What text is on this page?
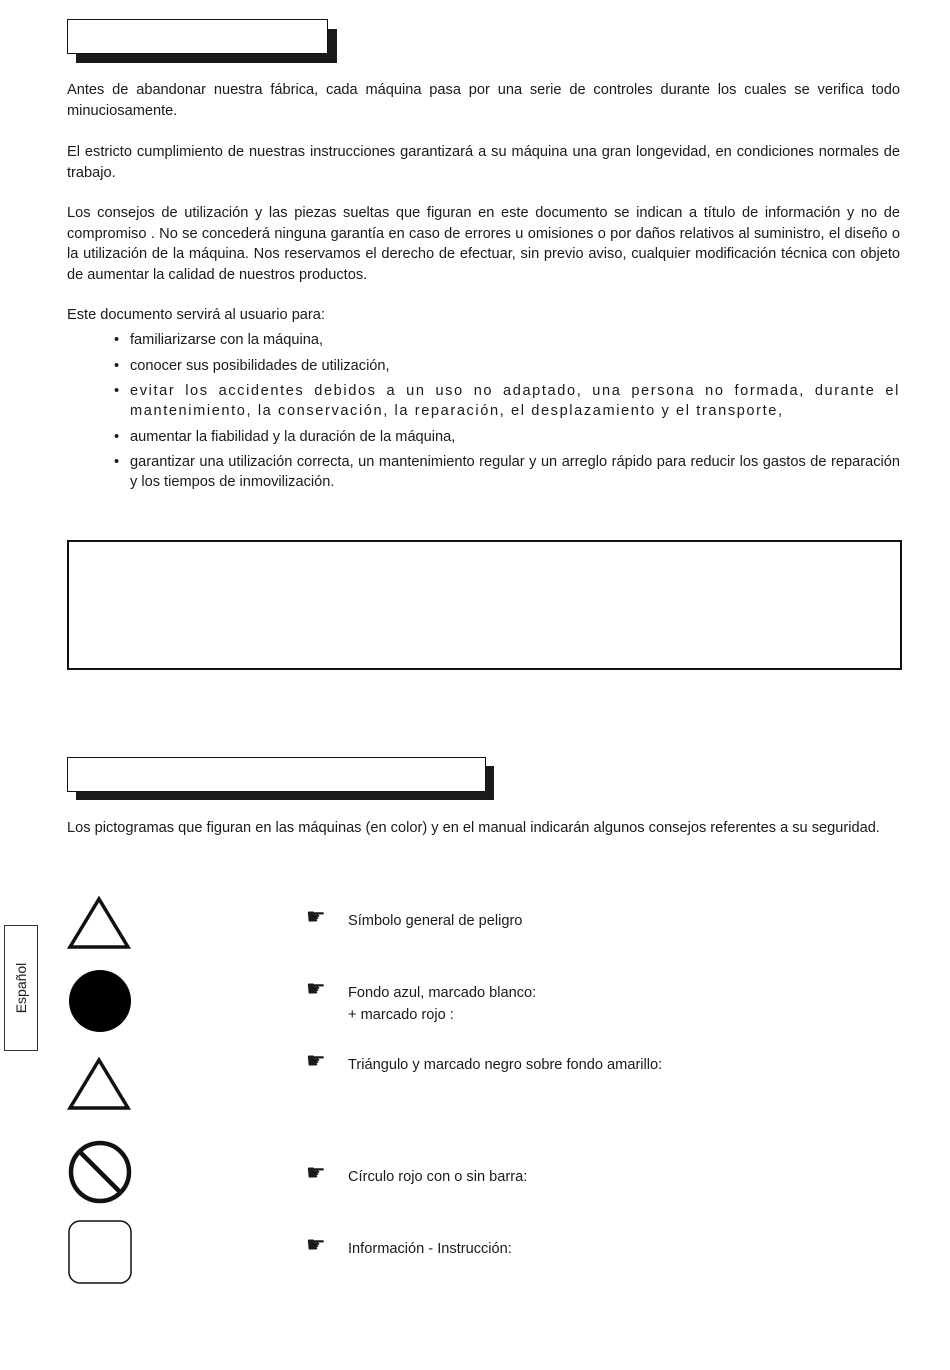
Antes de abandonar nuestra fábrica, cada máquina pasa por una serie de controles durante los cuales se verifica todo minuciosamente.

El estricto cumplimiento de nuestras instrucciones garantizará a su máquina una gran longevidad, en condiciones normales de trabajo.

Los consejos de utilización y las piezas sueltas que figuran en este documento se indican a título de información y no de compromiso . No se concederá ninguna garantía en caso de errores u omisiones o por daños relativos al suministro, el diseño o la utilización de la máquina. Nos reservamos el derecho de efectuar, sin previo aviso, cualquier modificación técnica con objeto de aumentar la calidad de nuestros productos.

Este documento servirá al usuario para:

• familiarizarse con la máquina,
• conocer sus posibilidades de utilización,
• evitar los accidentes debidos a un uso no adaptado, una persona no formada, durante el mantenimiento, la conservación, la reparación, el desplazamiento y el transporte,
• aumentar la fiabilidad y la duración de la máquina,
• garantizar una utilización correcta, un mantenimiento regular y un arreglo rápido para reducir los gastos de reparación y los tiempos de inmovilización.

Los pictogramas que figuran en las máquinas (en color) y en el manual indicarán algunos consejos referentes a su seguridad.

Español
☛ Símbolo general de peligro
☛ Fondo azul, marcado blanco:
+ marcado rojo :
☛ Triángulo y marcado negro sobre fondo amarillo:
☛ Círculo rojo con o sin barra:
☛ Información - Instrucción:
